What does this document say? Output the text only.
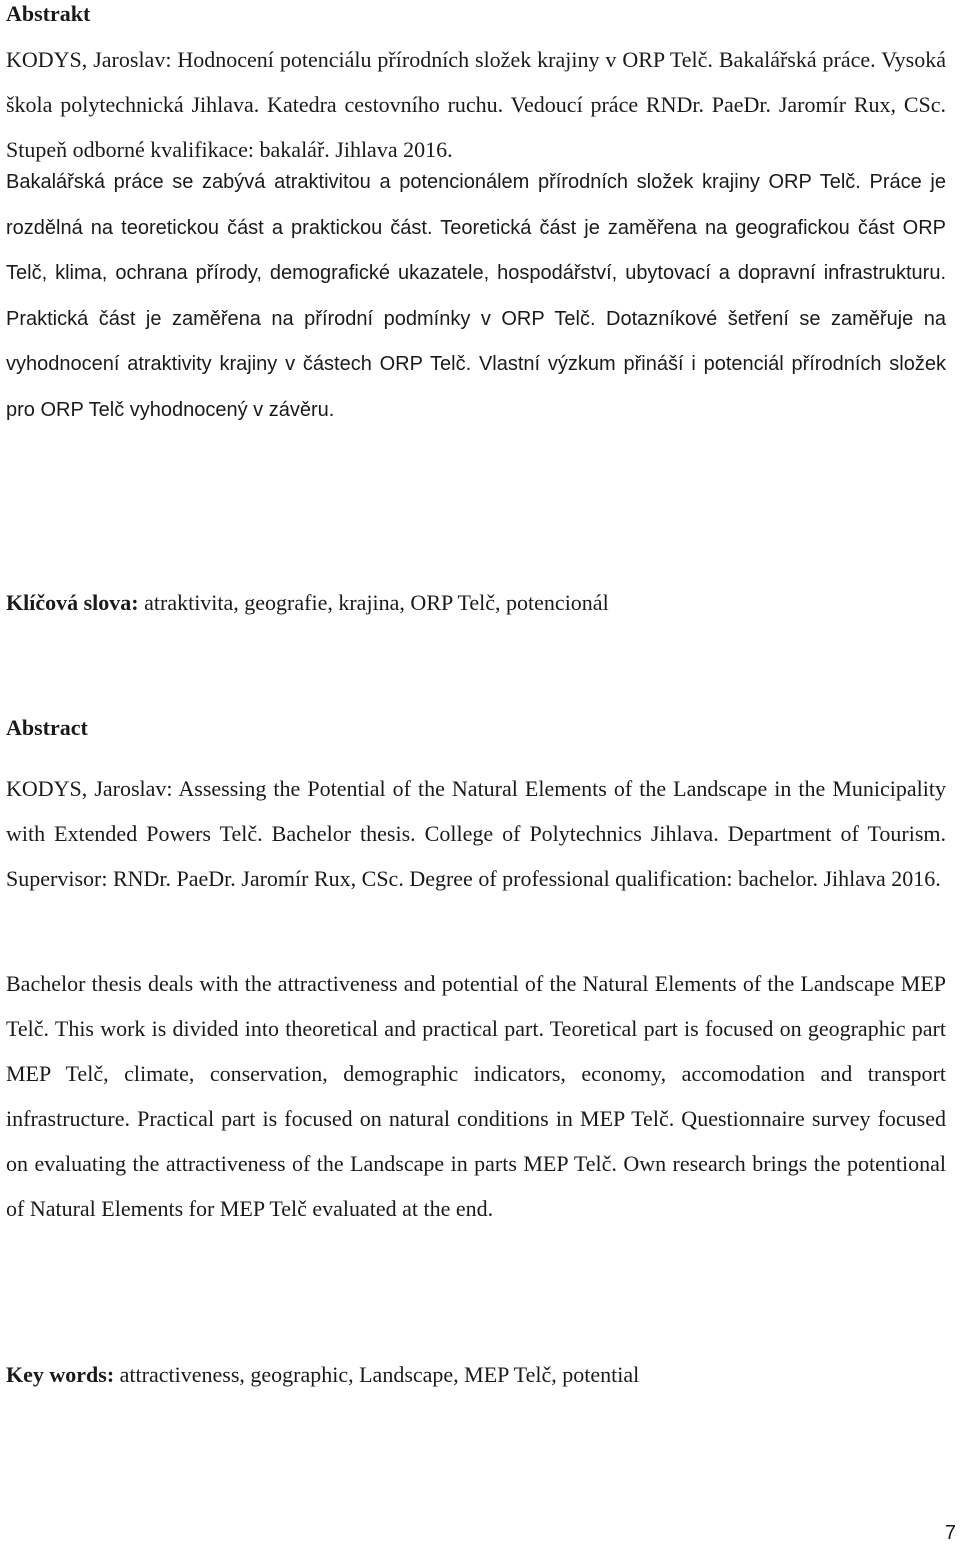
Abstrakt

KODYS, Jaroslav: Hodnocení potenciálu přírodních složek krajiny v ORP Telč. Bakalářská práce. Vysoká škola polytechnická Jihlava. Katedra cestovního ruchu. Vedoucí práce RNDr. PaeDr. Jaromír Rux, CSc. Stupeň odborné kvalifikace: bakalář. Jihlava 2016.

Bakalářská práce se zabývá atraktivitou a potencionálem přírodních složek krajiny ORP Telč. Práce je rozdělná na teoretickou část a praktickou část. Teoretická část je zaměřena na geografickou část ORP Telč, klima, ochrana přírody, demografické ukazatele, hospodářství, ubytovací a dopravní infrastrukturu. Praktická část je zaměřena na přírodní podmínky v ORP Telč. Dotazníkové šetření se zaměřuje na vyhodnocení atraktivity krajiny v částech ORP Telč. Vlastní výzkum přináší i potenciál přírodních složek pro ORP Telč vyhodnocený v závěru.

Klíčová slova: atraktivita, geografie, krajina, ORP Telč, potencionál

Abstract

KODYS, Jaroslav: Assessing the Potential of the Natural Elements of the Landscape in the Municipality with Extended Powers Telč. Bachelor thesis. College of Polytechnics Jihlava. Department of Tourism. Supervisor: RNDr. PaeDr. Jaromír Rux, CSc. Degree of professional qualification: bachelor. Jihlava 2016.

Bachelor thesis deals with the attractiveness and potential of the Natural Elements of the Landscape MEP Telč. This work is divided into theoretical and practical part. Teoretical part is focused on geographic part MEP Telč, climate, conservation, demographic indicators, economy, accomodation and transport infrastructure. Practical part is focused on natural conditions in MEP Telč. Questionnaire survey focused on evaluating the attractiveness of the Landscape in parts MEP Telč. Own research brings the potentional of Natural Elements for MEP Telč evaluated at the end.

Key words: attractiveness, geographic, Landscape, MEP Telč, potential

7
